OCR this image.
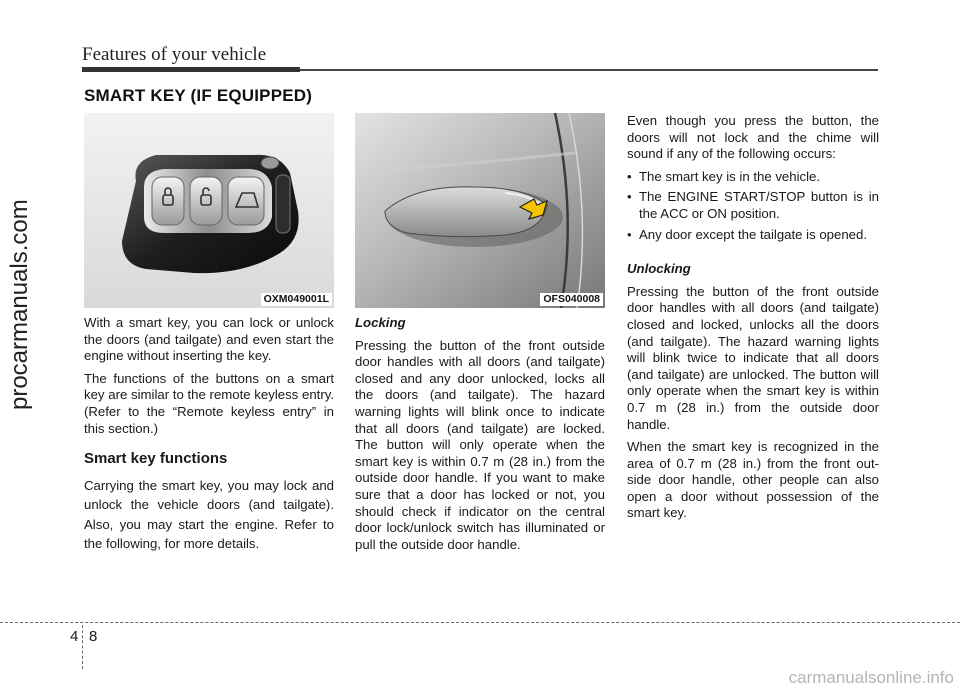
Features of your vehicle
SMART KEY (IF EQUIPPED)
OXM049001L	OFS040008

With a smart key, you can lock or unlock the doors (and tailgate) and even start the engine without inserting the key.

The functions of the buttons on a smart key are similar to the remote keyless entry. (Refer to the “Remote keyless entry” in this section.)

Smart key functions

Carrying the smart key, you may lock and unlock the vehicle doors (and tailgate). Also, you may start the engine. Refer to the following, for more details.

Locking

Pressing the button of the front outside door handles with all doors (and tailgate) closed and any door unlocked, locks all the doors (and tailgate). The hazard warning lights will blink once to indicate that all doors (and tailgate) are locked. The button will only operate when the smart key is within 0.7 m (28 in.) from the outside door handle. If you want to make sure that a door has locked or not, you should check if indicator on the central door lock/unlock switch has illuminated or pull the outside door handle.

Even though you press the button, the doors will not lock and the chime will sound if any of the following occurs:

• The smart key is in the vehicle.
• The ENGINE START/STOP button is in the ACC or ON position.
• Any door except the tailgate is opened.

Unlocking

Pressing the button of the front outside door handles with all doors (and tailgate) closed and locked, unlocks all the doors (and tailgate). The hazard warning lights will blink twice to indicate that all doors (and tailgate) are unlocked. The button will only operate when the smart key is within 0.7 m (28 in.) from the outside door handle.

When the smart key is recognized in the area of 0.7 m (28 in.) from the front out-side door handle, other people can also open a door without possession of the smart key.

procarmanuals.com
4 8
carmanualsonline.info
